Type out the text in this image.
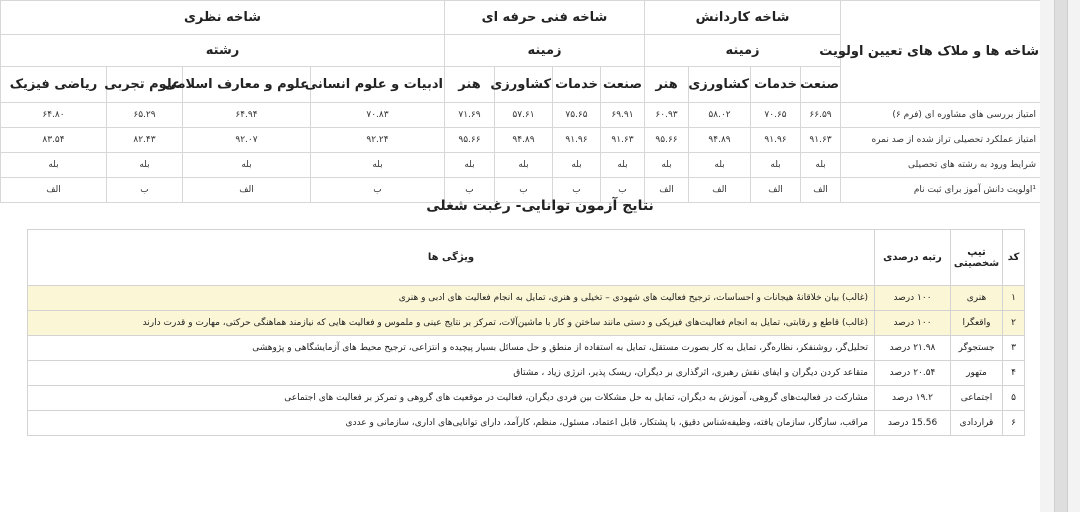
شاخه ها و ملاک های تعیین اولویت	شاخه کاردانش				شاخه فنی حرفه ای				شاخه نظری			
	زمینه				زمینه				رشته			
	صنعت	خدمات	کشاورزی	هنر	صنعت	خدمات	کشاورزی	هنر	ادبیات و علوم انسانی	علوم و معارف اسلامی	علوم تجربی	ریاضی فیزیک
امتیاز بررسی های مشاوره ای (فرم ۶)	۶۶.۵۹	۷۰.۶۵	۵۸.۰۲	۶۰.۹۳	۶۹.۹۱	۷۵.۶۵	۵۷.۶۱	۷۱.۶۹	۷۰.۸۳	۶۴.۹۴	۶۵.۲۹	۶۴.۸۰
امتیاز عملکرد تحصیلی تراز شده از صد نمره	۹۱.۶۳	۹۱.۹۶	۹۴.۸۹	۹۵.۶۶	۹۱.۶۳	۹۱.۹۶	۹۴.۸۹	۹۵.۶۶	۹۲.۲۴	۹۲.۰۷	۸۲.۴۳	۸۳.۵۴
شرایط ورود به رشته های تحصیلی	بله	بله	بله	بله	بله	بله	بله	بله	بله	بله	بله	بله
¹اولویت دانش آموز برای ثبت نام	الف	الف	الف	الف	ب	ب	ب	ب	ب	الف	ب	الف
نتایج آزمون توانایی- رغبت شغلی
کد	تیپ شخصیتی	رتبه درصدی	ویژگی ها
۱	هنری	۱۰۰ درصد	(غالب) بیان خلاقانهٔ هیجانات و احساسات، ترجیح فعالیت های شهودی – تخیلی و هنری، تمایل به انجام فعالیت های ادبی و هنری
۲	واقعگرا	۱۰۰ درصد	(غالب) قاطع و رقابتی، تمایل به انجام فعالیت‌های فیزیکی و دستی مانند ساختن و کار با ماشین‌آلات، تمرکز بر نتایج عینی و ملموس و فعالیت هایی که نیازمند هماهنگی حرکتی، مهارت و قدرت دارند
۳	جستجوگر	۲۱.۹۸ درصد	تحلیل‌گر، روشنفکر، نظاره‌گر، تمایل به کار بصورت مستقل، تمایل به استفاده از منطق و حل مسائل بسیار پیچیده و انتزاعی، ترجیح محیط های آزمایشگاهی و پژوهشی
۴	متهور	۲۰.۵۴ درصد	متقاعد کردن دیگران و ایفای نقش رهبری، اثرگذاری بر دیگران، ریسک پذیر، انرژی زیاد ، مشتاق
۵	اجتماعی	۱۹.۲ درصد	مشارکت در فعالیت‌های گروهی، آموزش به دیگران، تمایل به حل مشکلات بین فردی دیگران، فعالیت در موقعیت های گروهی و تمرکز بر فعالیت های اجتماعی
۶	قراردادی	15.56 درصد	مراقب، سازگار، سازمان یافته، وظیفه‌شناس دقیق، با پشتکار، قابل اعتماد، مسئول، منظم، کارآمد، دارای توانایی‌های اداری، سازمانی و عددی
